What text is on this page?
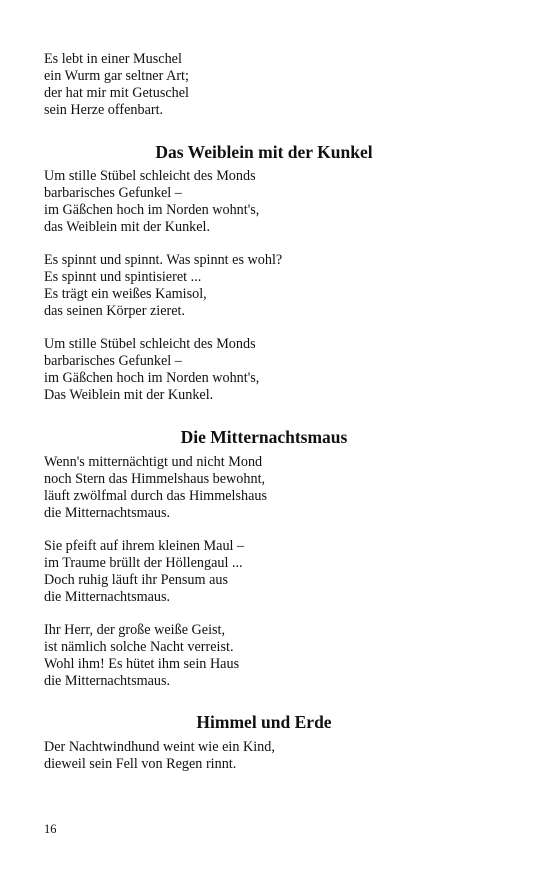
Es lebt in einer Muschel
ein Wurm gar seltner Art;
der hat mir mit Getuschel
sein Herze offenbart.
Das Weiblein mit der Kunkel
Um stille Stübel schleicht des Monds
barbarisches Gefunkel –
im Gäßchen hoch im Norden wohnt's,
das Weiblein mit der Kunkel.
Es spinnt und spinnt. Was spinnt es wohl?
Es spinnt und spintisieret ...
Es trägt ein weißes Kamisol,
das seinen Körper zieret.
Um stille Stübel schleicht des Monds
barbarisches Gefunkel –
im Gäßchen hoch im Norden wohnt's,
Das Weiblein mit der Kunkel.
Die Mitternachtsmaus
Wenn's mitternächtigt und nicht Mond
noch Stern das Himmelshaus bewohnt,
läuft zwölfmal durch das Himmelshaus
die Mitternachtsmaus.
Sie pfeift auf ihrem kleinen Maul –
im Traume brüllt der Höllengaul ...
Doch ruhig läuft ihr Pensum aus
die Mitternachtsmaus.
Ihr Herr, der große weiße Geist,
ist nämlich solche Nacht verreist.
Wohl ihm! Es hütet ihm sein Haus
die Mitternachtsmaus.
Himmel und Erde
Der Nachtwindhund weint wie ein Kind,
dieweil sein Fell von Regen rinnt.
16
